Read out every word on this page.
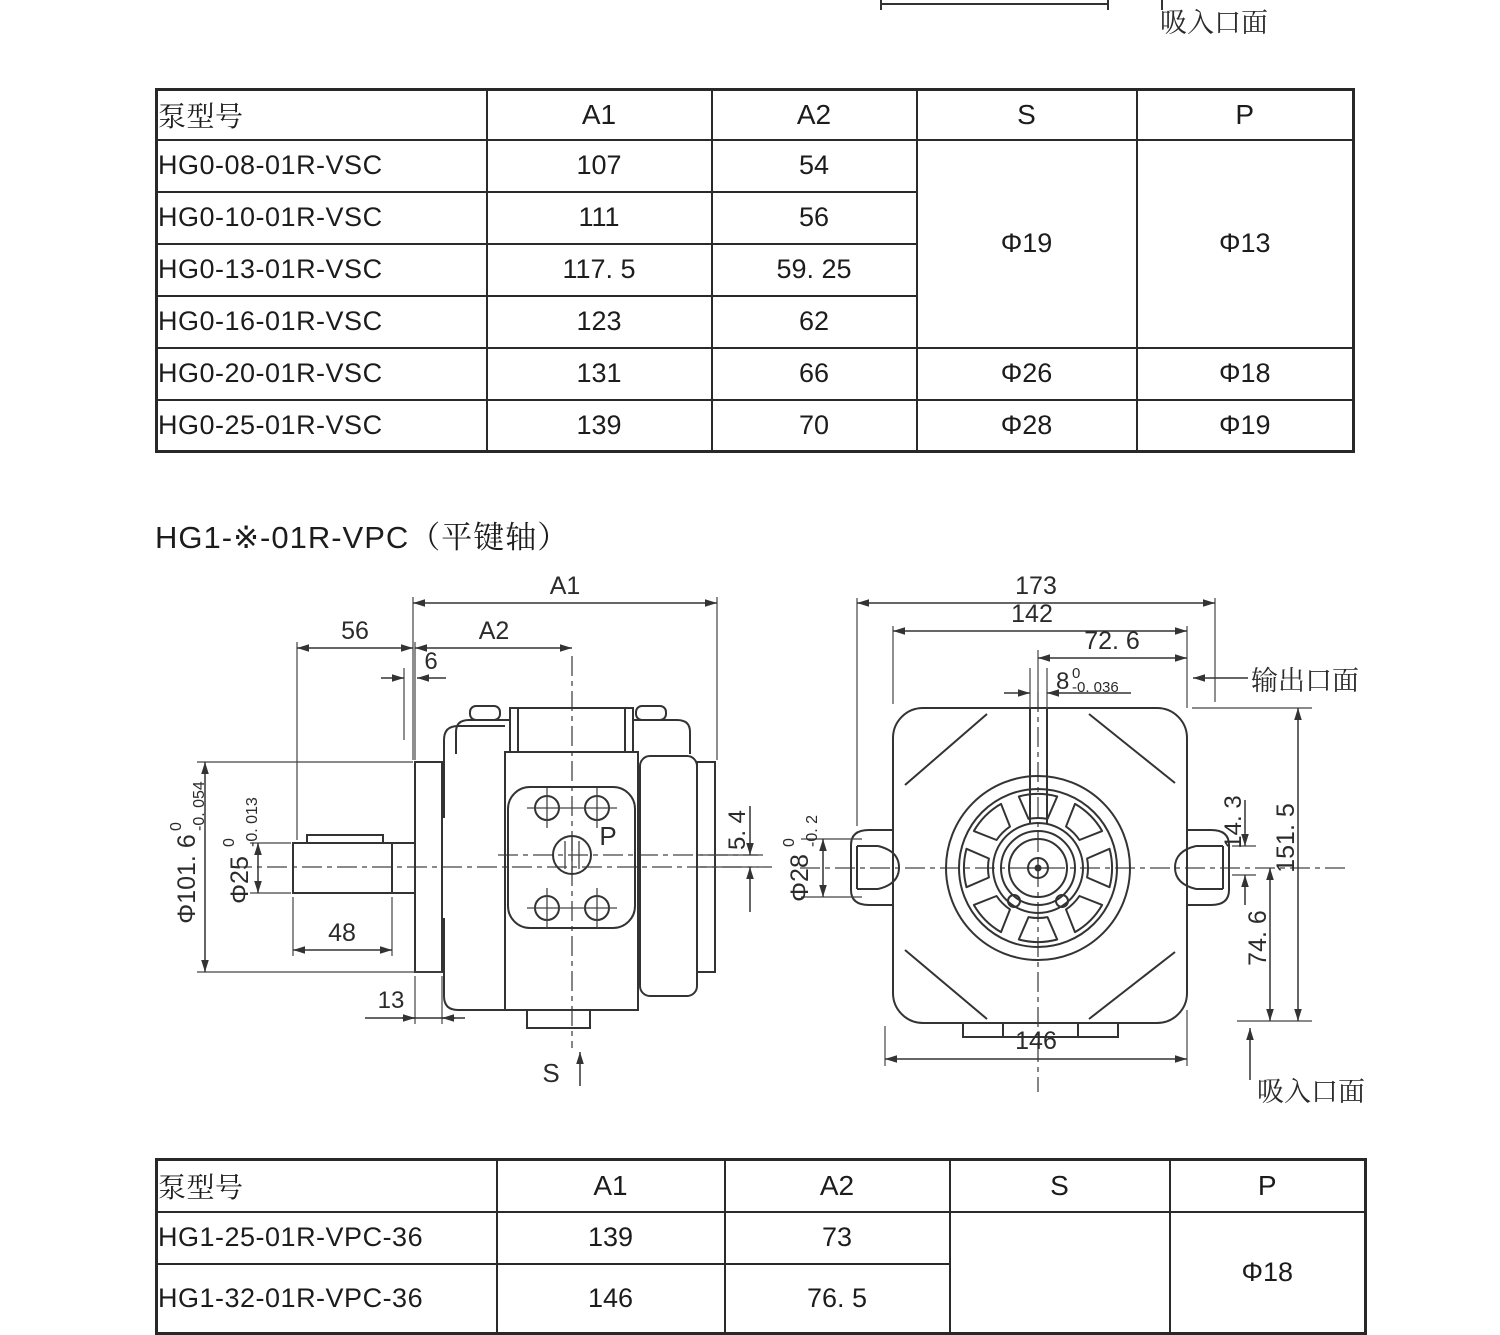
吸入口面
A1
A2
56
6
48
13
P
S
Φ101. 6
0 -0. 054
Φ25
0 -0. 013	5. 4
173
142
72. 6
146
8 0
-0. 036	输出口面
吸入口面
14. 3 151. 5
74. 6
Φ28
0 -0. 2
泵型号	A1	A2	S	P
HG0-08-01R-VSC	107	54	Φ19	Φ13
HG0-10-01R-VSC	111	56		
HG0-13-01R-VSC	117. 5	59. 25		
HG0-16-01R-VSC	123	62		
HG0-20-01R-VSC	131	66	Φ26	Φ18
HG0-25-01R-VSC	139	70	Φ28	Φ19
HG1-※-01R-VPC（平键轴）
泵型号	A1	A2	S	P
HG1-25-01R-VPC-36	139	73		Φ18
HG1-32-01R-VPC-36	146	76. 5		
